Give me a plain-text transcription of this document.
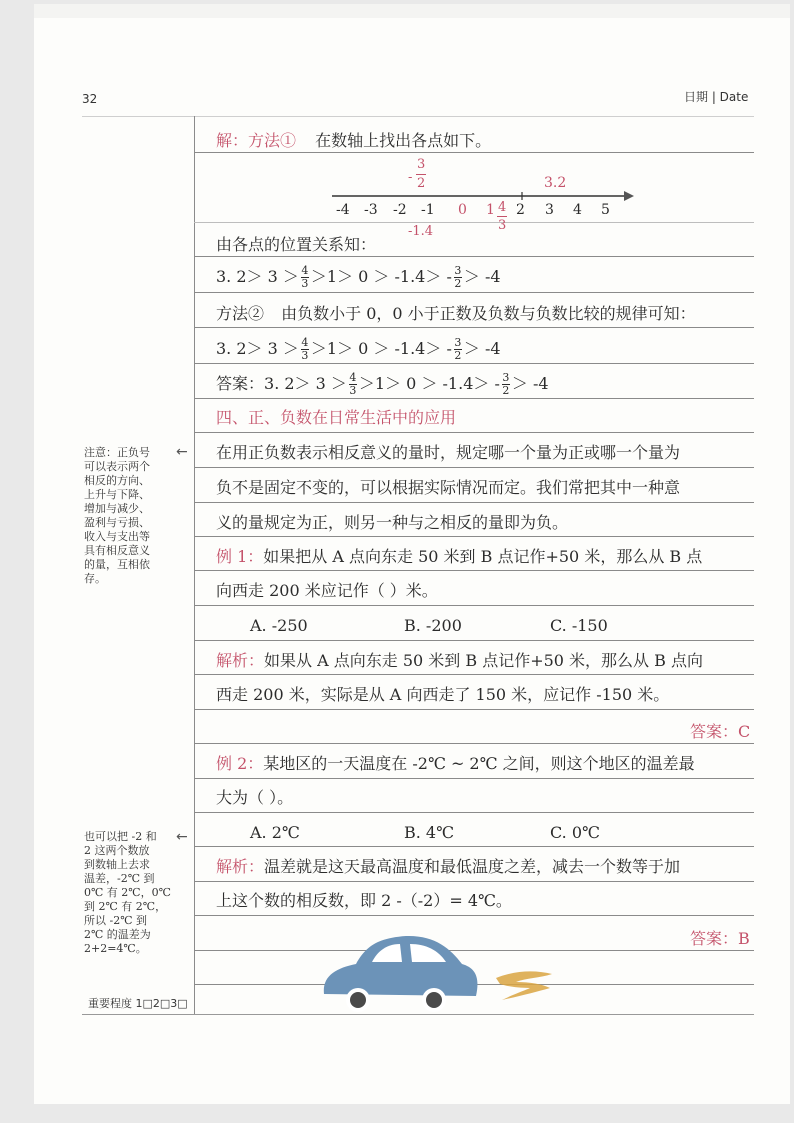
32	日期 | Date
解：方法① 在数轴上找出各点如下。
-
3
2	3.2
-4 -3 -2 -1 0 1 4
3
2 3 4 5
-1.4
由各点的位置关系知：
3. $2> 3 > \frac{4}{3} >1> 0 > -1.4> - \frac{3}{2} > -4$
方法② 由负数小于 0，0 小于正数及负数与负数比较的规律可知：
3. $2> 3 > \frac{4}{3} >1> 0 > -1.4> - \frac{3}{2} > -4$
答案：3. $2> 3 > \frac{4}{3} >1> 0 > -1.4> - \frac{3}{2} > -4$
四、正、负数在日常生活中的应用
在用正负数表示相反意义的量时，规定哪一个量为正或哪一个量为
负不是固定不变的，可以根据实际情况而定。我们常把其中一种意
义的量规定为正，则另一种与之相反的量即为负。
例 1：如果把从 A 点向东走 50 米到 B 点记作+50 米，那么从 B 点
向西走 200 米应记作（ ）米。
A. -250	B. -200	C. -150
解析：如果从 A 点向东走 50 米到 B 点记作+50 米，那么从 B 点向
西走 200 米，实际是从 A 向西走了 150 米，应记作 -150 米。
答案：C
例 2：某地区的一天温度在 -2℃ ~ 2℃ 之间，则这个地区的温差最
大为（ ）。
A. 2℃	B. 4℃	C. 0℃
解析：温差就是这天最高温度和最低温度之差，减去一个数等于加
上这个数的相反数，即 2 -（-2）= 4℃。
答案：B
注意：正负号
可以表示两个
相反的方向、
上升与下降、
增加与减少、
盈利与亏损、
收入与支出等
具有相反意义
的量，互相依
存。
←
也可以把 -2 和
2 这两个数放
到数轴上去求
温差，-2℃ 到
0℃ 有 2℃，0℃
到 2℃ 有 2℃，
所以 -2℃ 到
2℃ 的温差为
2+2=4℃。
←
重要程度 1□2□3□
